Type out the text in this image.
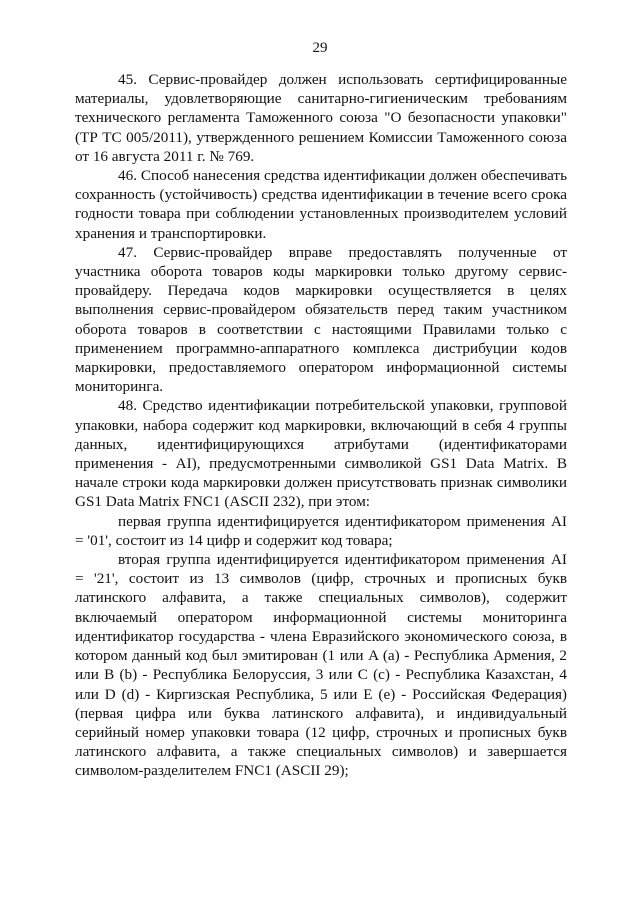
29

45. Сервис-провайдер должен использовать сертифицированные материалы, удовлетворяющие санитарно-гигиеническим требованиям технического регламента Таможенного союза "О безопасности упаковки" (ТР ТС 005/2011), утвержденного решением Комиссии Таможенного союза от 16 августа 2011 г. № 769.

46. Способ нанесения средства идентификации должен обеспечивать сохранность (устойчивость) средства идентификации в течение всего срока годности товара при соблюдении установленных производителем условий хранения и транспортировки.

47. Сервис-провайдер вправе предоставлять полученные от участника оборота товаров коды маркировки только другому сервис-провайдеру. Передача кодов маркировки осуществляется в целях выполнения сервис-провайдером обязательств перед таким участником оборота товаров в соответствии с настоящими Правилами только с применением программно-аппаратного комплекса дистрибуции кодов маркировки, предоставляемого оператором информационной системы мониторинга.

48. Средство идентификации потребительской упаковки, групповой упаковки, набора содержит код маркировки, включающий в себя 4 группы данных, идентифицирующихся атрибутами (идентификаторами применения - AI), предусмотренными символикой GS1 Data Matrix. В начале строки кода маркировки должен присутствовать признак символики GS1 Data Matrix FNC1 (ASCII 232), при этом:

первая группа идентифицируется идентификатором применения AI = '01', состоит из 14 цифр и содержит код товара;

вторая группа идентифицируется идентификатором применения AI = '21', состоит из 13 символов (цифр, строчных и прописных букв латинского алфавита, а также специальных символов), содержит включаемый оператором информационной системы мониторинга идентификатор государства - члена Евразийского экономического союза, в котором данный код был эмитирован (1 или A (a) - Республика Армения, 2 или B (b) - Республика Белоруссия, 3 или C (c) - Республика Казахстан, 4 или D (d) - Киргизская Республика, 5 или E (e) - Российская Федерация) (первая цифра или буква латинского алфавита), и индивидуальный серийный номер упаковки товара (12 цифр, строчных и прописных букв латинского алфавита, а также специальных символов) и завершается символом-разделителем FNC1 (ASCII 29);
